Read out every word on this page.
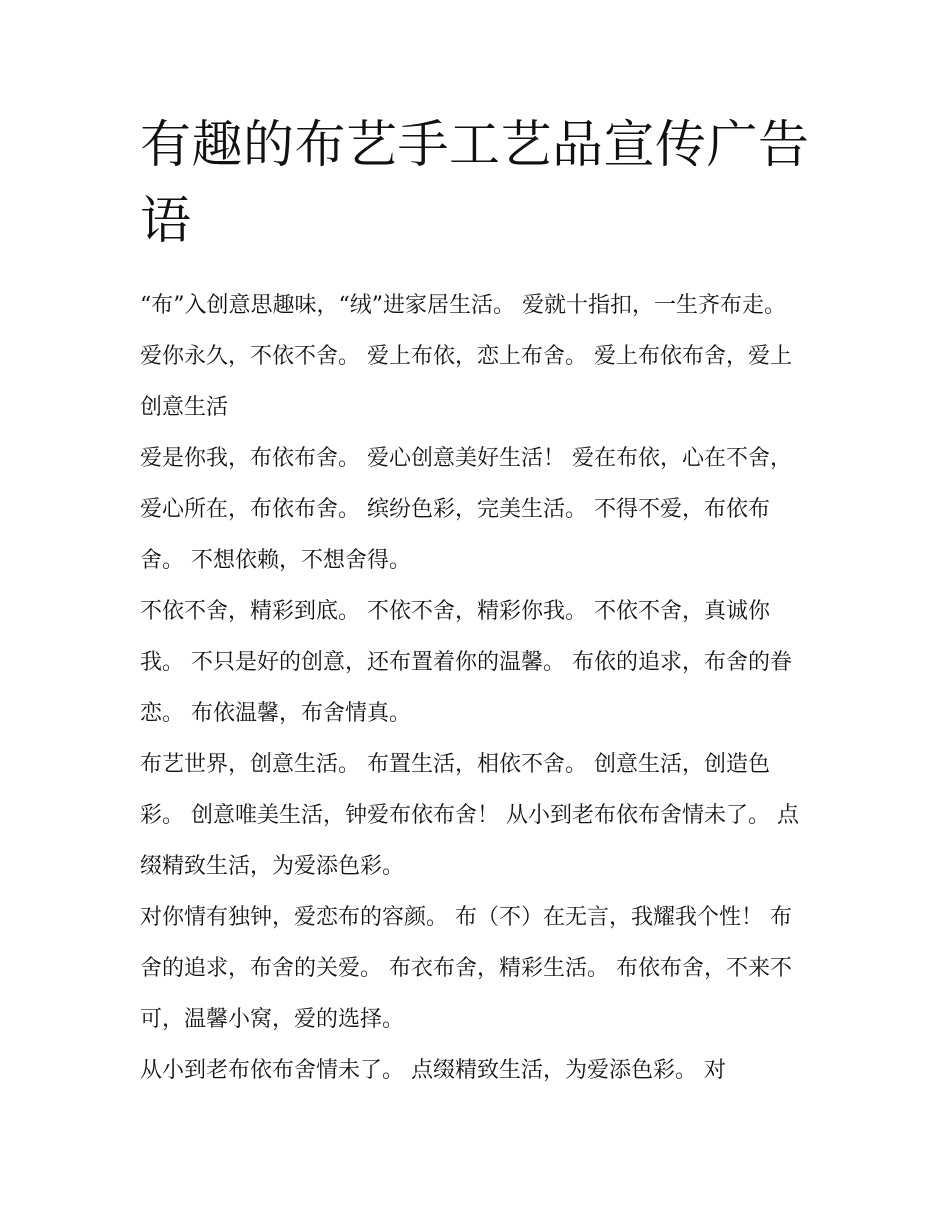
有趣的布艺手工艺品宣传广告语

“布”入创意思趣味，“绒”进家居生活。 爱就十指扣，一生齐布走。 爱你永久，不依不舍。 爱上布依，恋上布舍。 爱上布依布舍，爱上创意生活

爱是你我，布依布舍。 爱心创意美好生活！ 爱在布依，心在不舍，爱心所在，布依布舍。 缤纷色彩，完美生活。 不得不爱，布依布舍。 不想依赖，不想舍得。

不依不舍，精彩到底。 不依不舍，精彩你我。 不依不舍，真诚你我。 不只是好的创意，还布置着你的温馨。 布依的追求，布舍的眷恋。 布依温馨，布舍情真。

布艺世界，创意生活。 布置生活，相依不舍。 创意生活，创造色彩。 创意唯美生活，钟爱布依布舍！ 从小到老布依布舍情未了。 点缀精致生活，为爱添色彩。

对你情有独钟，爱恋布的容颜。 布（不）在无言，我耀我个性！ 布舍的追求，布舍的关爱。 布衣布舍，精彩生活。 布依布舍，不来不可，温馨小窝，爱的选择。

从小到老布依布舍情未了。 点缀精致生活，为爱添色彩。 对
